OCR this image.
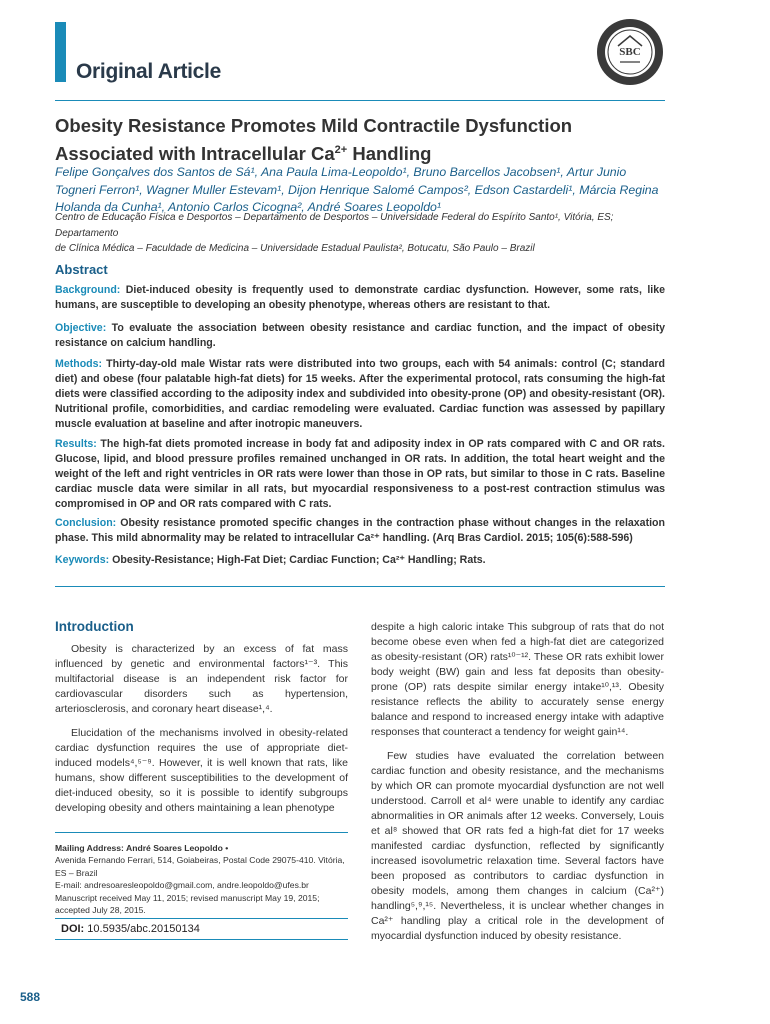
Original Article
SBC
Obesity Resistance Promotes Mild Contractile Dysfunction
Associated with Intracellular $Ca^{2+}$ Handling
Felipe Gonçalves dos Santos de Sá¹, Ana Paula Lima-Leopoldo¹, Bruno Barcellos Jacobsen¹, Artur Junio Togneri Ferron¹, Wagner Muller Estevam¹, Dijon Henrique Salomé Campos², Edson Castardeli¹, Márcia Regina Holanda da Cunha¹, Antonio Carlos Cicogna², André Soares Leopoldo¹
Centro de Educação Física e Desportos – Departamento de Desportos – Universidade Federal do Espírito Santo¹, Vitória, ES; Departamento
de Clínica Médica – Faculdade de Medicina – Universidade Estadual Paulista², Botucatu, São Paulo – Brazil
Abstract
Background: Diet-induced obesity is frequently used to demonstrate cardiac dysfunction. However, some rats, like humans, are susceptible to developing an obesity phenotype, whereas others are resistant to that.
Objective: To evaluate the association between obesity resistance and cardiac function, and the impact of obesity resistance on calcium handling.
Methods: Thirty-day-old male Wistar rats were distributed into two groups, each with 54 animals: control (C; standard diet) and obese (four palatable high-fat diets) for 15 weeks. After the experimental protocol, rats consuming the high-fat diets were classified according to the adiposity index and subdivided into obesity-prone (OP) and obesity-resistant (OR). Nutritional profile, comorbidities, and cardiac remodeling were evaluated. Cardiac function was assessed by papillary muscle evaluation at baseline and after inotropic maneuvers.
Results: The high-fat diets promoted increase in body fat and adiposity index in OP rats compared with C and OR rats. Glucose, lipid, and blood pressure profiles remained unchanged in OR rats. In addition, the total heart weight and the weight of the left and right ventricles in OR rats were lower than those in OP rats, but similar to those in C rats. Baseline cardiac muscle data were similar in all rats, but myocardial responsiveness to a post-rest contraction stimulus was compromised in OP and OR rats compared with C rats.
Conclusion: Obesity resistance promoted specific changes in the contraction phase without changes in the relaxation phase. This mild abnormality may be related to intracellular Ca²⁺ handling. (Arq Bras Cardiol. 2015; 105(6):588-596)
Keywords: Obesity-Resistance; High-Fat Diet; Cardiac Function; Ca²⁺ Handling; Rats.
Introduction

Obesity is characterized by an excess of fat mass influenced by genetic and environmental factors¹⁻³. This multifactorial disease is an independent risk factor for cardiovascular disorders such as hypertension, arteriosclerosis, and coronary heart disease¹,⁴.

Elucidation of the mechanisms involved in obesity-related cardiac dysfunction requires the use of appropriate diet-induced models⁴,⁵⁻⁹. However, it is well known that rats, like humans, show different susceptibilities to the development of diet-induced obesity, so it is possible to identify subgroups developing obesity and others maintaining a lean phenotype

despite a high caloric intake This subgroup of rats that do not become obese even when fed a high-fat diet are categorized as obesity-resistant (OR) rats¹⁰⁻¹². These OR rats exhibit lower body weight (BW) gain and less fat deposits than obesity-prone (OP) rats despite similar energy intake¹⁰,¹³. Obesity resistance reflects the ability to accurately sense energy balance and respond to increased energy intake with adaptive responses that counteract a tendency for weight gain¹⁴.

Few studies have evaluated the correlation between cardiac function and obesity resistance, and the mechanisms by which OR can promote myocardial dysfunction are not well understood. Carroll et al⁴ were unable to identify any cardiac abnormalities in OR animals after 12 weeks. Conversely, Louis et al⁸ showed that OR rats fed a high-fat diet for 17 weeks manifested cardiac dysfunction, reflected by significantly increased isovolumetric relaxation time. Several factors have been proposed as contributors to cardiac dysfunction in obesity models, among them changes in calcium (Ca²⁺) handling⁵,⁹,¹⁵. Nevertheless, it is unclear whether changes in Ca²⁺ handling play a critical role in the development of myocardial dysfunction induced by obesity resistance.

Mailing Address: André Soares Leopoldo •
Avenida Fernando Ferrari, 514, Goiabeiras, Postal Code 29075-410. Vitória, ES – Brazil
E-mail: andresoaresleopoldo@gmail.com, andre.leopoldo@ufes.br
Manuscript received May 11, 2015; revised manuscript May 19, 2015; accepted July 28, 2015.
DOI: 10.5935/abc.20150134
588
